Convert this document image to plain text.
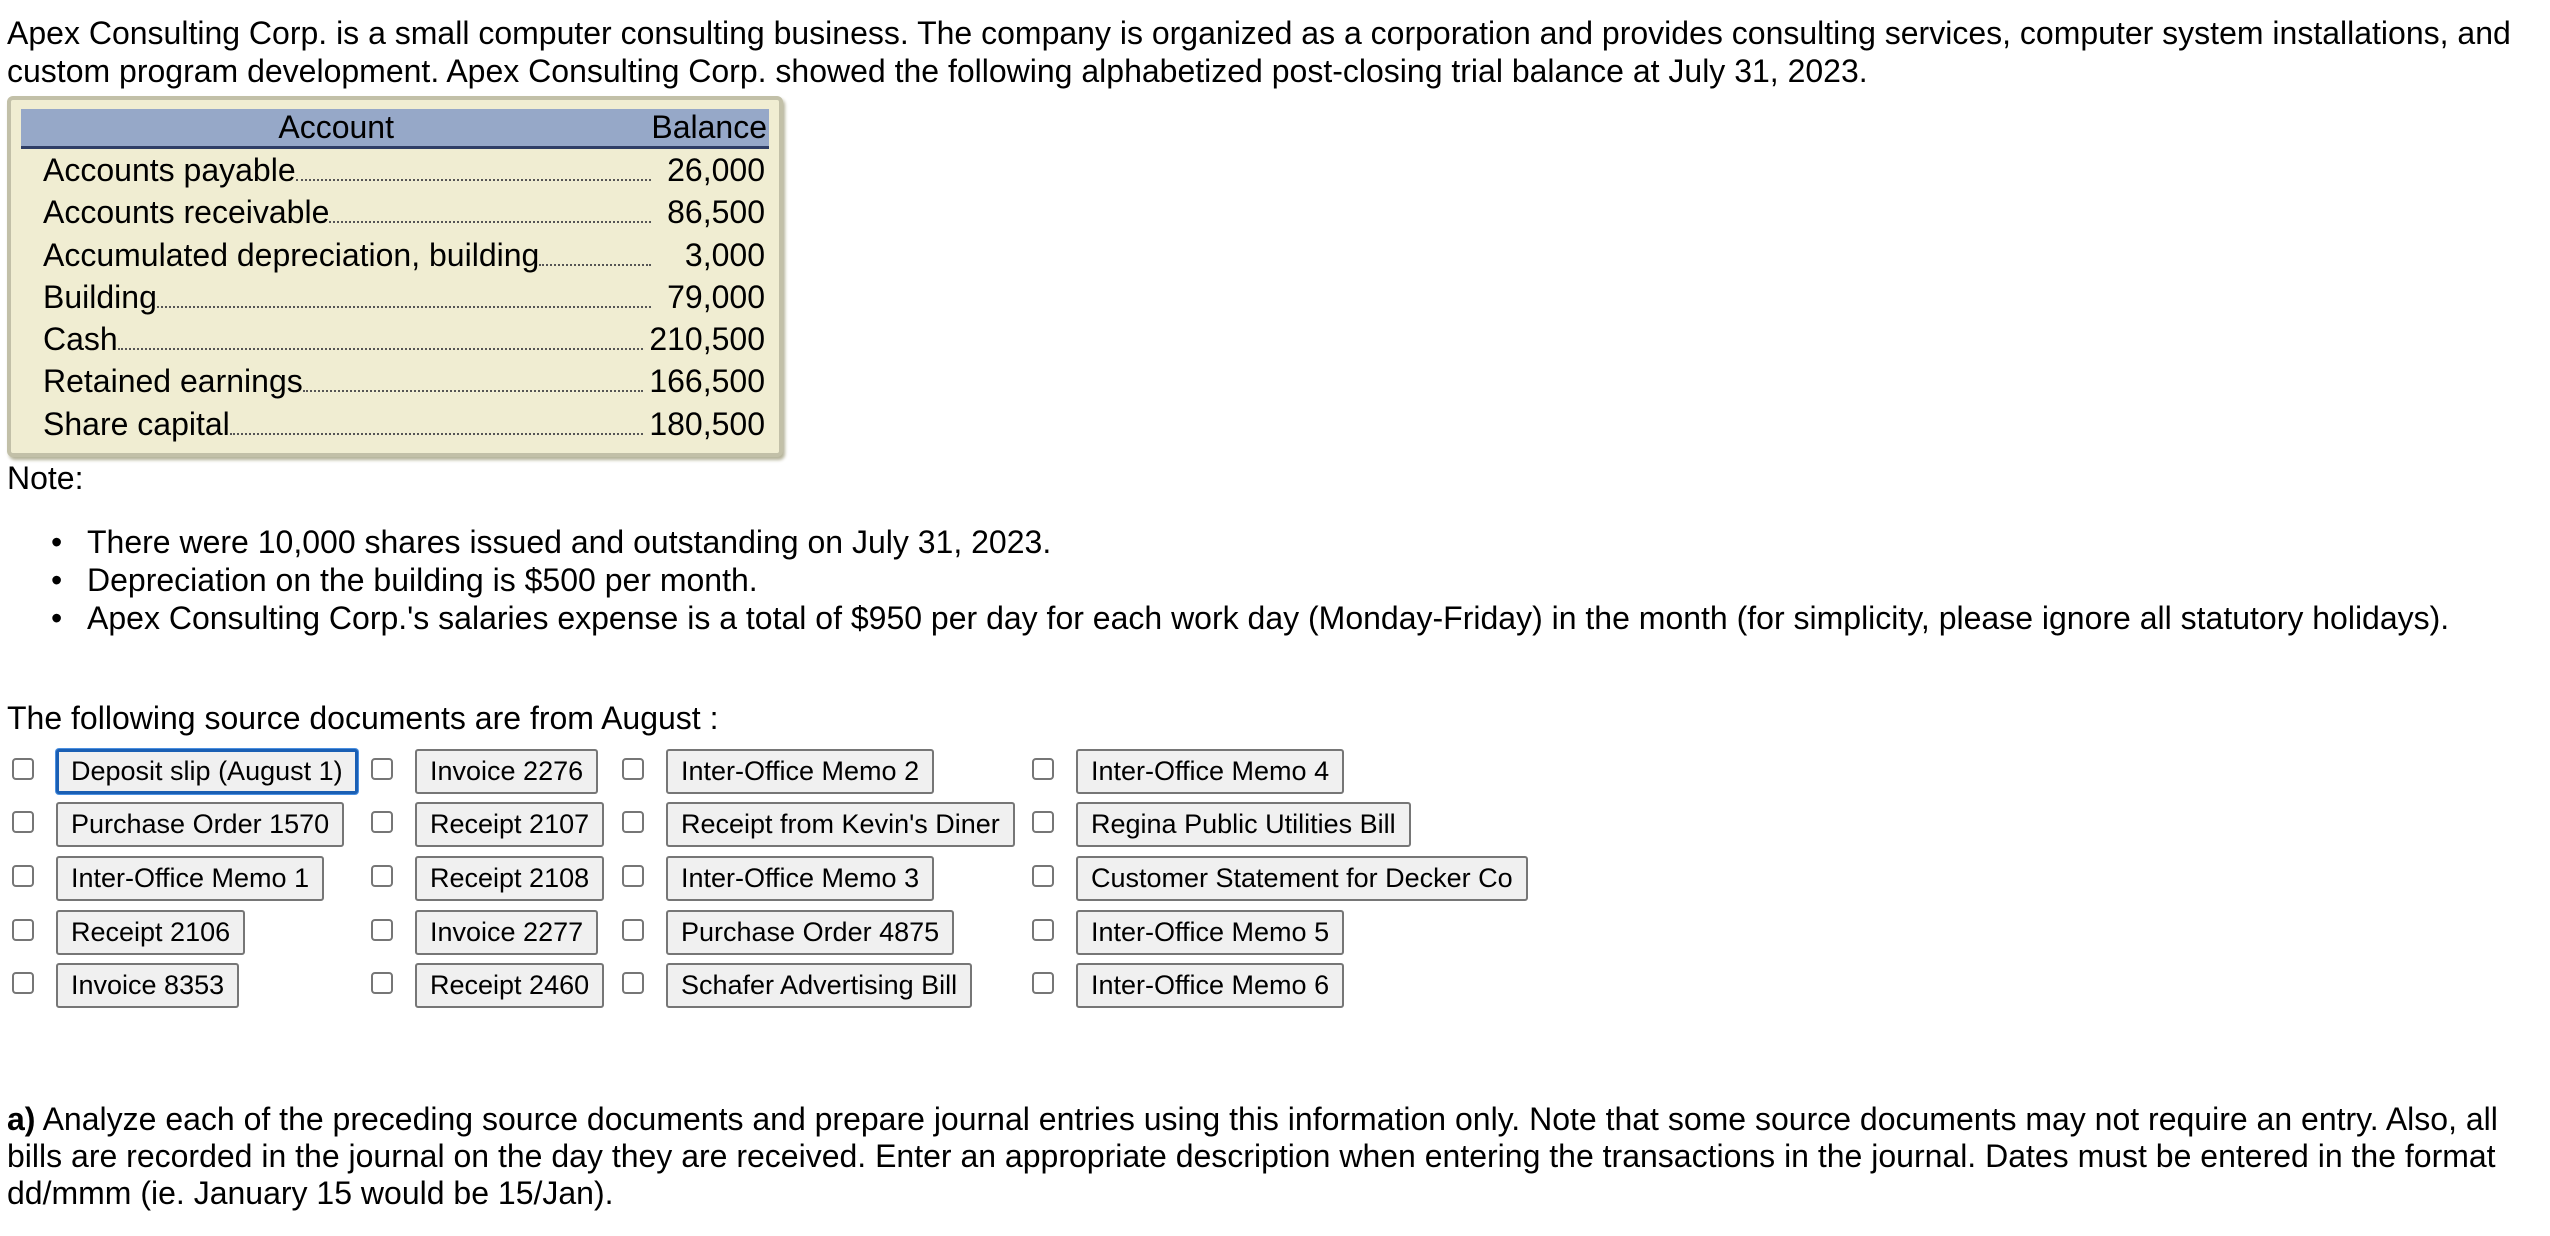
Apex Consulting Corp. is a small computer consulting business. The company is organized as a corporation and provides consulting services, computer system installations, and custom program development. Apex Consulting Corp. showed the following alphabetized post-closing trial balance at July 31, 2023.

Account	Balance
Accounts payable	26,000
Accounts receivable	86,500
Accumulated depreciation, building	3,000
Building	79,000
Cash	210,500
Retained earnings	166,500
Share capital	180,500
Note:
• There were 10,000 shares issued and outstanding on July 31, 2023.
• Depreciation on the building is $500 per month.
• Apex Consulting Corp.'s salaries expense is a total of $950 per day for each work day (Monday-Friday) in the month (for simplicity, please ignore all statutory holidays).
The following source documents are from August :
Deposit slip (August 1)
Purchase Order 1570
Inter-Office Memo 1
Receipt 2106
Invoice 8353
Invoice 2276
Receipt 2107
Receipt 2108
Invoice 2277
Receipt 2460
Inter-Office Memo 2
Receipt from Kevin's Diner
Inter-Office Memo 3
Purchase Order 4875
Schafer Advertising Bill
Inter-Office Memo 4
Regina Public Utilities Bill
Customer Statement for Decker Co
Inter-Office Memo 5
Inter-Office Memo 6
a) Analyze each of the preceding source documents and prepare journal entries using this information only. Note that some source documents may not require an entry. Also, all bills are recorded in the journal on the day they are received. Enter an appropriate description when entering the transactions in the journal. Dates must be entered in the format dd/mmm (ie. January 15 would be 15/Jan).
